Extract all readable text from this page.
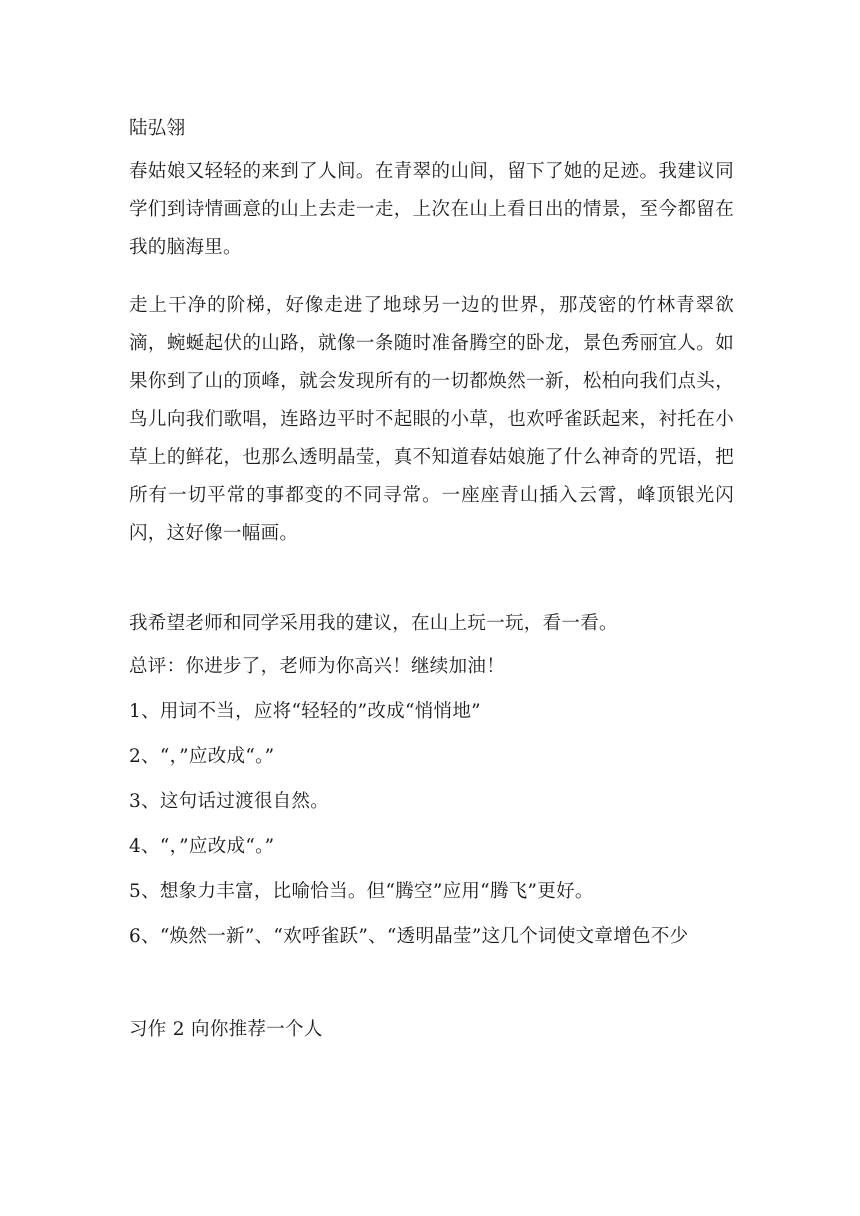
陆弘翎
春姑娘又轻轻的来到了人间。在青翠的山间，留下了她的足迹。我建议同学们到诗情画意的山上去走一走，上次在山上看日出的情景，至今都留在我的脑海里。
走上干净的阶梯，好像走进了地球另一边的世界，那茂密的竹林青翠欲滴，蜿蜒起伏的山路，就像一条随时准备腾空的卧龙，景色秀丽宜人。如果你到了山的顶峰，就会发现所有的一切都焕然一新，松柏向我们点头，鸟儿向我们歌唱，连路边平时不起眼的小草，也欢呼雀跃起来，衬托在小草上的鲜花，也那么透明晶莹，真不知道春姑娘施了什么神奇的咒语，把所有一切平常的事都变的不同寻常。一座座青山插入云霄，峰顶银光闪闪，这好像一幅画。
我希望老师和同学采用我的建议，在山上玩一玩，看一看。
总评：你进步了，老师为你高兴！继续加油！
1、用词不当，应将“轻轻的”改成“悄悄地”
2、“，”应改成“。”
3、这句话过渡很自然。
4、“，”应改成“。”
5、想象力丰富，比喻恰当。但“腾空”应用“腾飞”更好。
6、“焕然一新”、“欢呼雀跃”、“透明晶莹”这几个词使文章增色不少
习作 2 向你推荐一个人
